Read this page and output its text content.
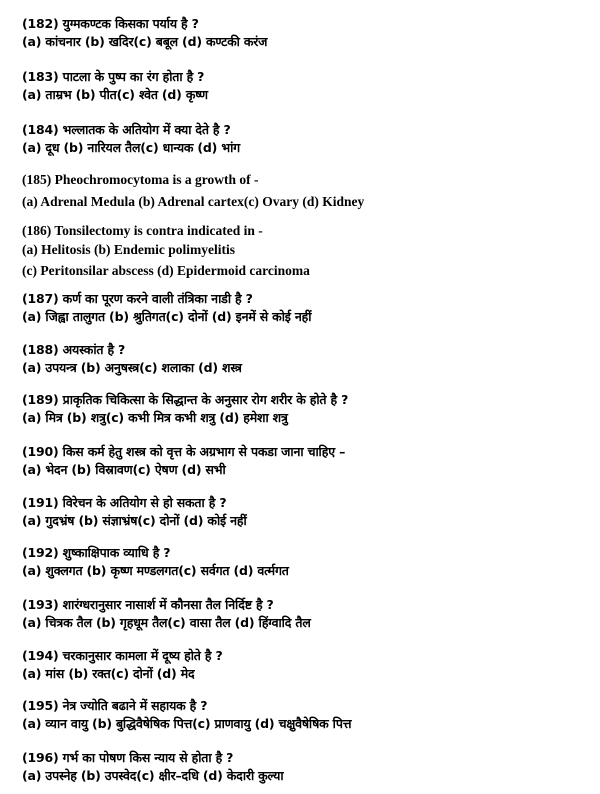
(182) युग्मकण्टक किसका पर्याय है ?
(a) कांचनार (b) खदिर(c) बबूल (d) कण्टकी करंज
(183) पाटला के पुष्प का रंग होता है ?
(a) ताम्रभ (b) पीत(c) श्वेत (d) कृष्ण
(184) भल्लातक के अतियोग में क्या देते है ?
(a) दूध (b) नारियल तैल(c) धान्यक (d) भांग
(185) Pheochromocytoma is a growth of -
(a) Adrenal Medula (b) Adrenal cartex(c) Ovary (d) Kidney
(186) Tonsilectomy is contra indicated in -
(a) Helitosis (b) Endemic polimyelitis
(c) Peritonsilar abscess (d) Epidermoid carcinoma
(187) कर्ण का पूरण करने वाली तंत्रिका नाडी है ?
(a) जिह्वा तालुगत (b) श्रुतिगत(c) दोनों (d) इनमें से कोई नहीं
(188) अयस्कांत है ?
(a) उपयन्त्र (b) अनुषस्त्र(c) शलाका (d) शस्त्र
(189) प्राकृतिक चिकित्सा के सिद्धान्त के अनुसार रोग शरीर के होते है ?
(a) मित्र (b) शत्रु(c) कभी मित्र कभी शत्रु (d) हमेशा शत्रु
(190) किस कर्म हेतु शस्त्र को वृत्त के अग्रभाग से पकडा जाना चाहिए –
(a) भेदन (b) विस्रावण(c) ऐषण (d) सभी
(191) विरेचन के अतियोग से हो सकता है ?
(a) गुदभ्रंष (b) संज्ञाभ्रंष(c) दोनों (d) कोई नहीं
(192) शुष्काक्षिपाक व्याधि है ?
(a) शुक्लगत (b) कृष्ण मण्डलगत(c) सर्वगत (d) वर्त्मगत
(193) शारंग्धरानुसार नासार्श में कौनसा तैल निर्दिष्ट है ?
(a) चित्रक तैल (b) गृहधूम तैल(c) वासा तैल (d) हिंग्वादि तैल
(194) चरकानुसार कामला में दूष्य होते है ?
(a) मांस (b) रक्त(c) दोनों (d) मेद
(195) नेत्र ज्योति बढाने में सहायक है ?
(a) व्यान वायु (b) बुद्धिवैषेषिक पित्त(c) प्राणवायु (d) चक्षुवैषेषिक पित्त
(196) गर्भ का पोषण किस न्याय से होता है ?
(a) उपस्नेह (b) उपस्वेद(c) क्षीर–दधि (d) केदारी कुल्या
